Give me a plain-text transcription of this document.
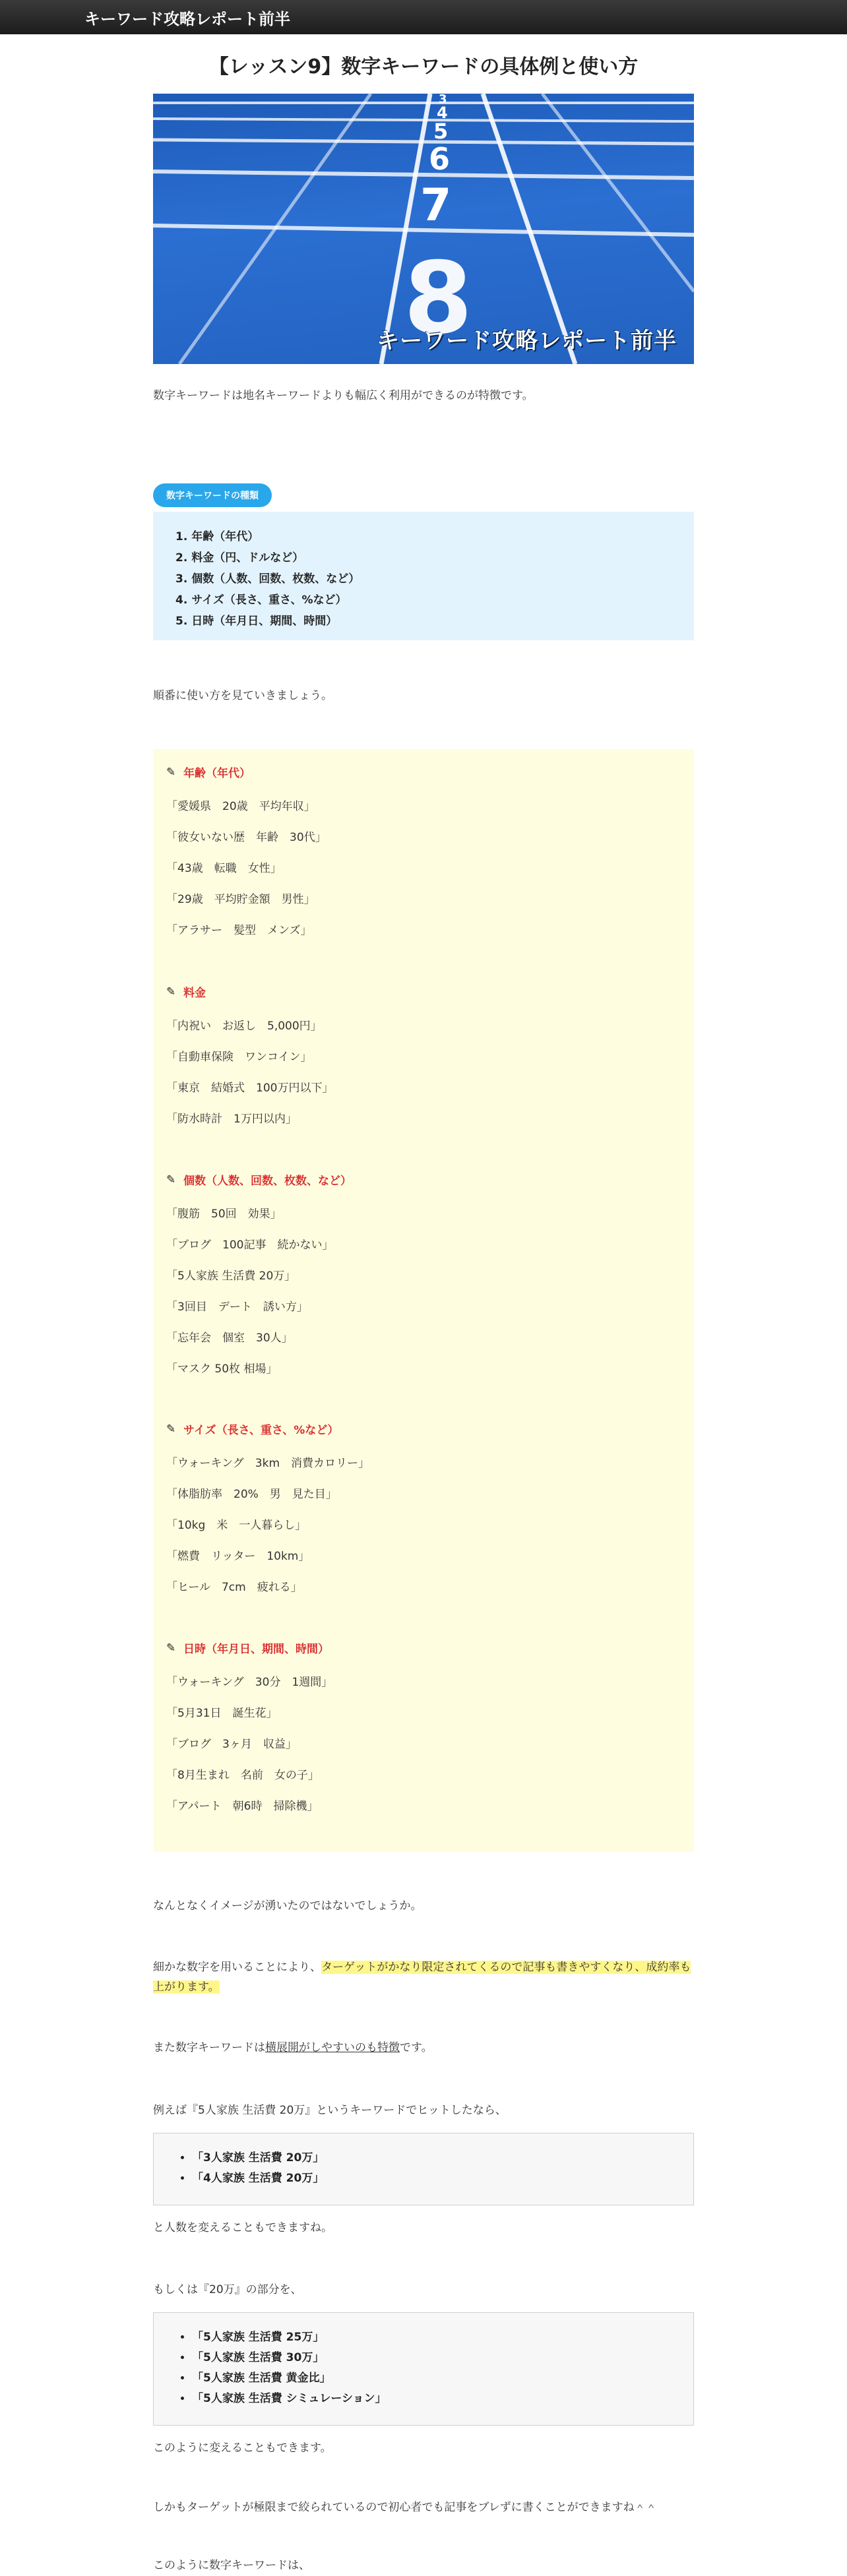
キーワード攻略レポート前半
【レッスン9】数字キーワードの具体例と使い方
3
4
5
6
7
8
キーワード攻略レポート前半

数字キーワードは地名キーワードよりも幅広く利用ができるのが特徴です。

数字キーワードの種類
1. 年齢（年代）
2. 料金（円、ドルなど）
3. 個数（人数、回数、枚数、など）
4. サイズ（長さ、重さ、%など）
5. 日時（年月日、期間、時間）

順番に使い方を見ていきましょう。

✎ 年齢（年代）
「愛媛県　20歳　平均年収」
「彼女いない歴　年齢　30代」
「43歳　転職　女性」
「29歳　平均貯金額　男性」
「アラサー　髪型　メンズ」
✎ 料金
「内祝い　お返し　5,000円」
「自動車保険　ワンコイン」
「東京　結婚式　100万円以下」
「防水時計　1万円以内」
✎ 個数（人数、回数、枚数、など）
「腹筋　50回　効果」
「ブログ　100記事　続かない」
「5人家族 生活費 20万」
「3回目　デート　誘い方」
「忘年会　個室　30人」
「マスク 50枚 相場」
✎ サイズ（長さ、重さ、%など）
「ウォーキング　3km　消費カロリー」
「体脂肪率　20%　男　見た目」
「10kg　米　一人暮らし」
「燃費　リッター　10km」
「ヒール　7cm　疲れる」
✎ 日時（年月日、期間、時間）
「ウォーキング　30分　1週間」
「5月31日　誕生花」
「ブログ　3ヶ月　収益」
「8月生まれ　名前　女の子」
「アパート　朝6時　掃除機」

なんとなくイメージが湧いたのではないでしょうか。

細かな数字を用いることにより、ターゲットがかなり限定されてくるので記事も書きやすくなり、成約率も上がります。

また数字キーワードは横展開がしやすいのも特徴です。

例えば『5人家族 生活費 20万』というキーワードでヒットしたなら、

• 「3人家族 生活費 20万」
• 「4人家族 生活費 20万」

と人数を変えることもできますね。

もしくは『20万』の部分を、

• 「5人家族 生活費 25万」
• 「5人家族 生活費 30万」
• 「5人家族 生活費 黄金比」
• 「5人家族 生活費 シミュレーション」

このように変えることもできます。

しかもターゲットが極限まで絞られているので初心者でも記事をブレずに書くことができますね＾＾

このように数字キーワードは、
